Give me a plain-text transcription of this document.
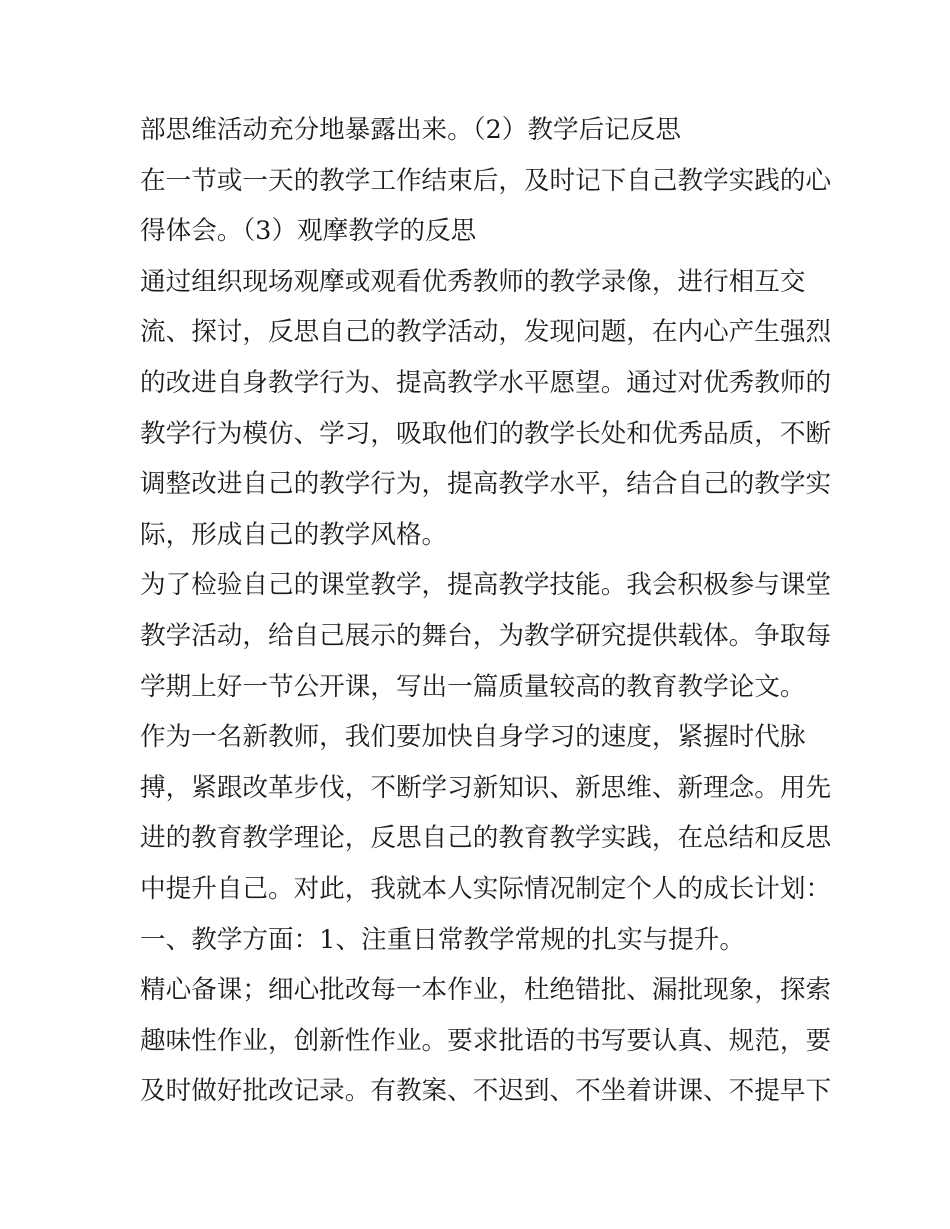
部思维活动充分地暴露出来。（2）教学后记反思
在一节或一天的教学工作结束后，及时记下自己教学实践的心
得体会。（3）观摩教学的反思
通过组织现场观摩或观看优秀教师的教学录像，进行相互交
流、探讨，反思自己的教学活动，发现问题，在内心产生强烈
的改进自身教学行为、提高教学水平愿望。通过对优秀教师的
教学行为模仿、学习，吸取他们的教学长处和优秀品质，不断
调整改进自己的教学行为，提高教学水平，结合自己的教学实
际，形成自己的教学风格。
为了检验自己的课堂教学，提高教学技能。我会积极参与课堂
教学活动，给自己展示的舞台，为教学研究提供载体。争取每
学期上好一节公开课，写出一篇质量较高的教育教学论文。
作为一名新教师，我们要加快自身学习的速度，紧握时代脉
搏，紧跟改革步伐，不断学习新知识、新思维、新理念。用先
进的教育教学理论，反思自己的教育教学实践，在总结和反思
中提升自己。对此，我就本人实际情况制定个人的成长计划：
一、教学方面：1、注重日常教学常规的扎实与提升。
精心备课；细心批改每一本作业，杜绝错批、漏批现象，探索
趣味性作业，创新性作业。要求批语的书写要认真、规范，要
及时做好批改记录。有教案、不迟到、不坐着讲课、不提早下
